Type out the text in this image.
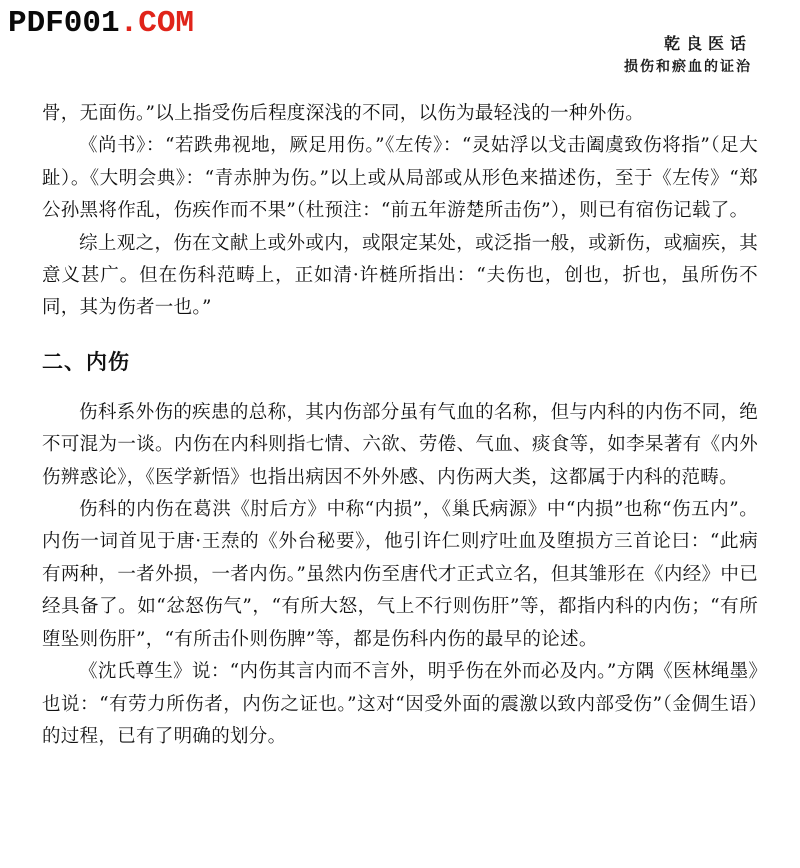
PDF001.COM
乾良医话
损伤和瘀血的证治

骨，无面伤。”以上指受伤后程度深浅的不同，以伤为最轻浅的一种外伤。

《尚书》：“若跌弗视地，厥足用伤。”《左传》：“灵姑浮以戈击阖虞致伤将指”（足大趾）。《大明会典》：“青赤肿为伤。”以上或从局部或从形色来描述伤，至于《左传》“郑公孙黑将作乱，伤疾作而不果”（杜预注：“前五年游楚所击伤”），则已有宿伤记载了。

综上观之，伤在文献上或外或内，或限定某处，或泛指一般，或新伤，或痼疾，其意义甚广。但在伤科范畴上，正如清·许梿所指出：“夫伤也，创也，折也，虽所伤不同，其为伤者一也。”

二、内伤

伤科系外伤的疾患的总称，其内伤部分虽有气血的名称，但与内科的内伤不同，绝不可混为一谈。内伤在内科则指七情、六欲、劳倦、气血、痰食等，如李杲著有《内外伤辨惑论》，《医学新悟》也指出病因不外外感、内伤两大类，这都属于内科的范畴。

伤科的内伤在葛洪《肘后方》中称“内损”，《巢氏病源》中“内损”也称“伤五内”。内伤一词首见于唐·王焘的《外台秘要》，他引许仁则疗吐血及堕损方三首论曰：“此病有两种，一者外损，一者内伤。”虽然内伤至唐代才正式立名，但其雏形在《内经》中已经具备了。如“忿怒伤气”，“有所大怒，气上不行则伤肝”等，都指内科的内伤；“有所堕坠则伤肝”，“有所击仆则伤脾”等，都是伤科内伤的最早的论述。

《沈氏尊生》说：“内伤其言内而不言外，明乎伤在外而必及内。”方隅《医林绳墨》也说：“有劳力所伤者，内伤之证也。”这对“因受外面的震激以致内部受伤”（金倜生语）的过程，已有了明确的划分。
